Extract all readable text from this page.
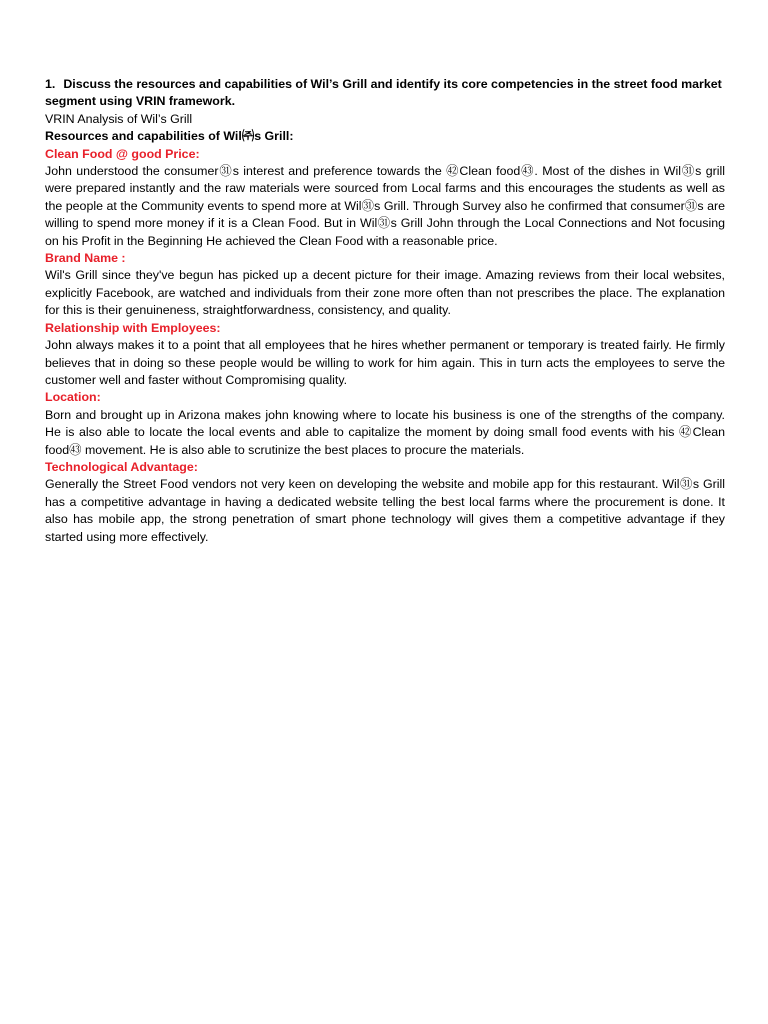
1. Discuss the resources and capabilities of Wil’s Grill and identify its core competencies in the street food market segment using VRIN framework.

VRIN Analysis of Wil’s Grill

Resources and capabilities of Wil㈜s Grill:

Clean Food @ good Price:

John understood the consumer㉛s interest and preference towards the ㊷Clean food㊸. Most of the dishes in Wil㉛s grill were prepared instantly and the raw materials were sourced from Local farms and this encourages the students as well as the people at the Community events to spend more at Wil㉛s Grill. Through Survey also he confirmed that consumer㉛s are willing to spend more money if it is a Clean Food. But in Wil㉛s Grill John through the Local Connections and Not focusing on his Profit in the Beginning He achieved the Clean Food with a reasonable price.

Brand Name :

Wil's Grill since they've begun has picked up a decent picture for their image. Amazing reviews from their local websites, explicitly Facebook, are watched and individuals from their zone more often than not prescribes the place. The explanation for this is their genuineness, straightforwardness, consistency, and quality.

Relationship with Employees:

John always makes it to a point that all employees that he hires whether permanent or temporary is treated fairly. He firmly believes that in doing so these people would be willing to work for him again. This in turn acts the employees to serve the customer well and faster without Compromising quality.

Location:

Born and brought up in Arizona makes john knowing where to locate his business is one of the strengths of the company. He is also able to locate the local events and able to capitalize the moment by doing small food events with his ㊷Clean food㊸ movement. He is also able to scrutinize the best places to procure the materials.

Technological Advantage:

Generally the Street Food vendors not very keen on developing the website and mobile app for this restaurant. Wil㉛s Grill has a competitive advantage in having a dedicated website telling the best local farms where the procurement is done. It also has mobile app, the strong penetration of smart phone technology will gives them a competitive advantage if they started using more effectively.
